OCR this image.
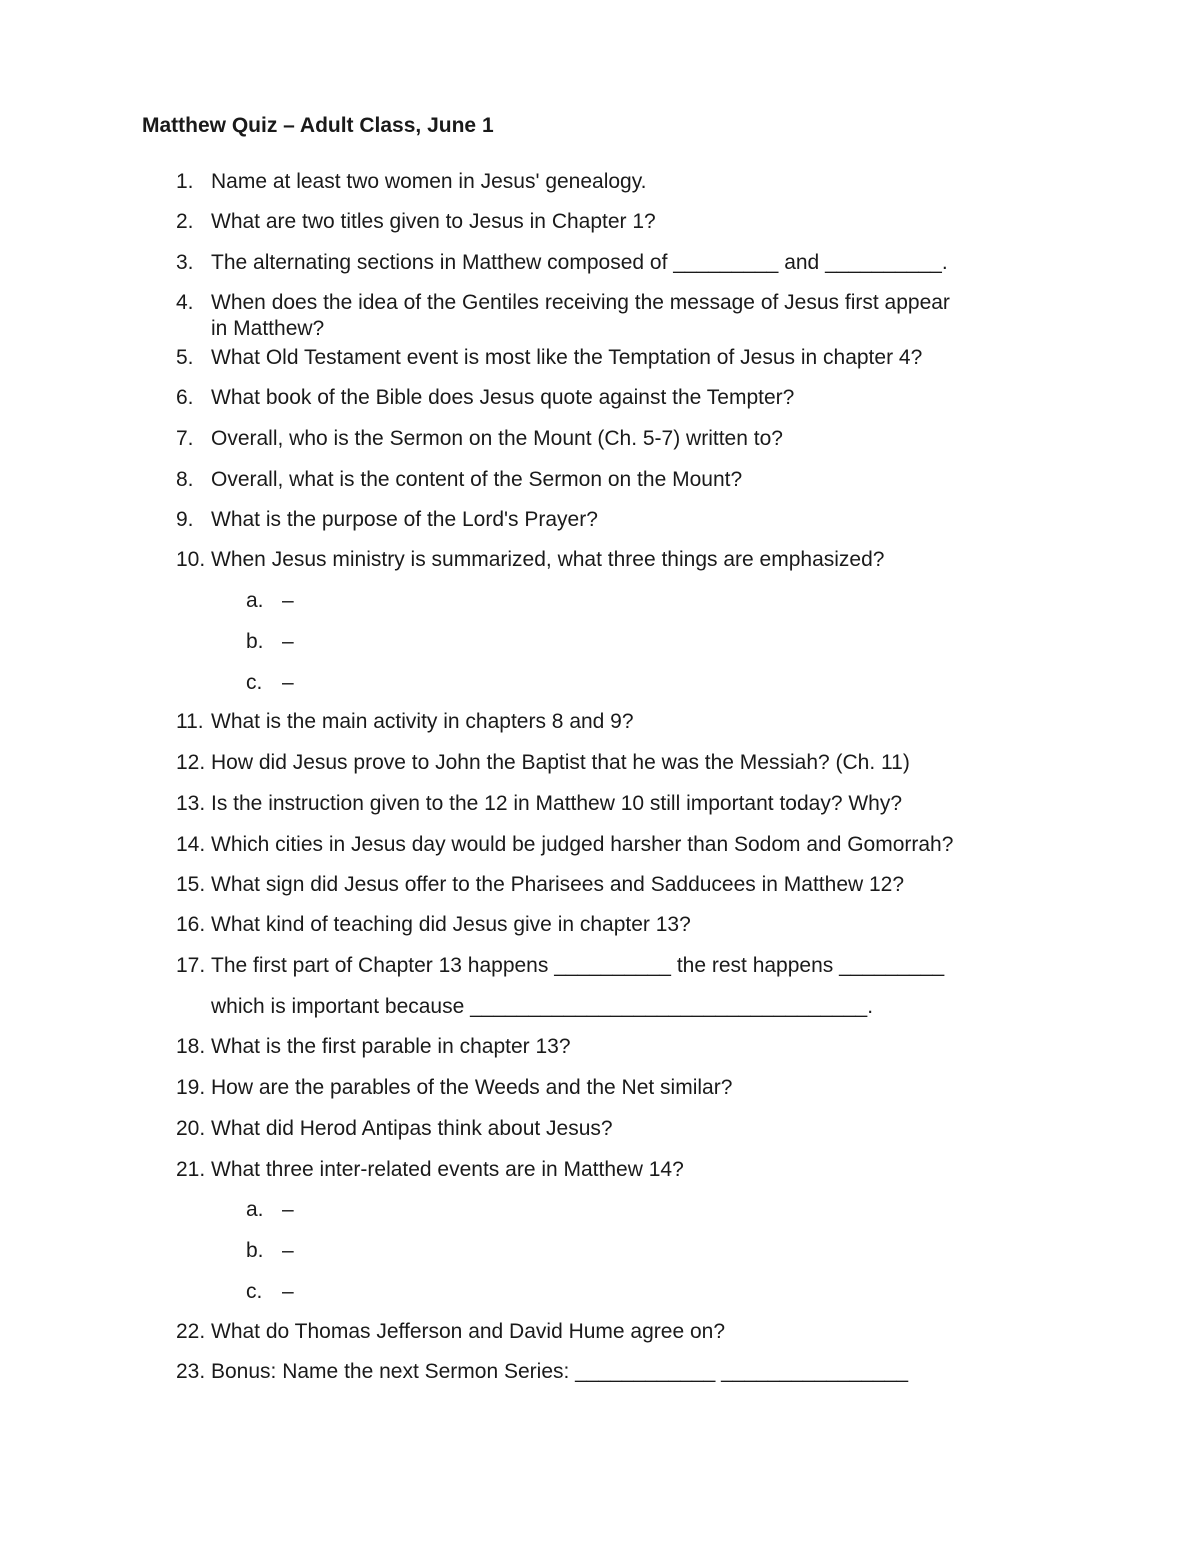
Matthew Quiz – Adult Class, June 1
1. Name at least two women in Jesus' genealogy.
2. What are two titles given to Jesus in Chapter 1?
3. The alternating sections in Matthew composed of _________ and __________.
4. When does the idea of the Gentiles receiving the message of Jesus first appear
in Matthew?
5. What Old Testament event is most like the Temptation of Jesus in chapter 4?
6. What book of the Bible does Jesus quote against the Tempter?
7. Overall, who is the Sermon on the Mount (Ch. 5-7) written to?
8. Overall, what is the content of the Sermon on the Mount?
9. What is the purpose of the Lord's Prayer?
10. When Jesus ministry is summarized, what three things are emphasized?
a. –
b. –
c. –
11. What is the main activity in chapters 8 and 9?
12. How did Jesus prove to John the Baptist that he was the Messiah? (Ch. 11)
13. Is the instruction given to the 12 in Matthew 10 still important today? Why?
14. Which cities in Jesus day would be judged harsher than Sodom and Gomorrah?
15. What sign did Jesus offer to the Pharisees and Sadducees in Matthew 12?
16. What kind of teaching did Jesus give in chapter 13?
17. The first part of Chapter 13 happens __________ the rest happens _________
which is important because __________________________________.
18. What is the first parable in chapter 13?
19. How are the parables of the Weeds and the Net similar?
20. What did Herod Antipas think about Jesus?
21. What three inter-related events are in Matthew 14?
a. –
b. –
c. –
22. What do Thomas Jefferson and David Hume agree on?
23. Bonus: Name the next Sermon Series: ____________ ________________
